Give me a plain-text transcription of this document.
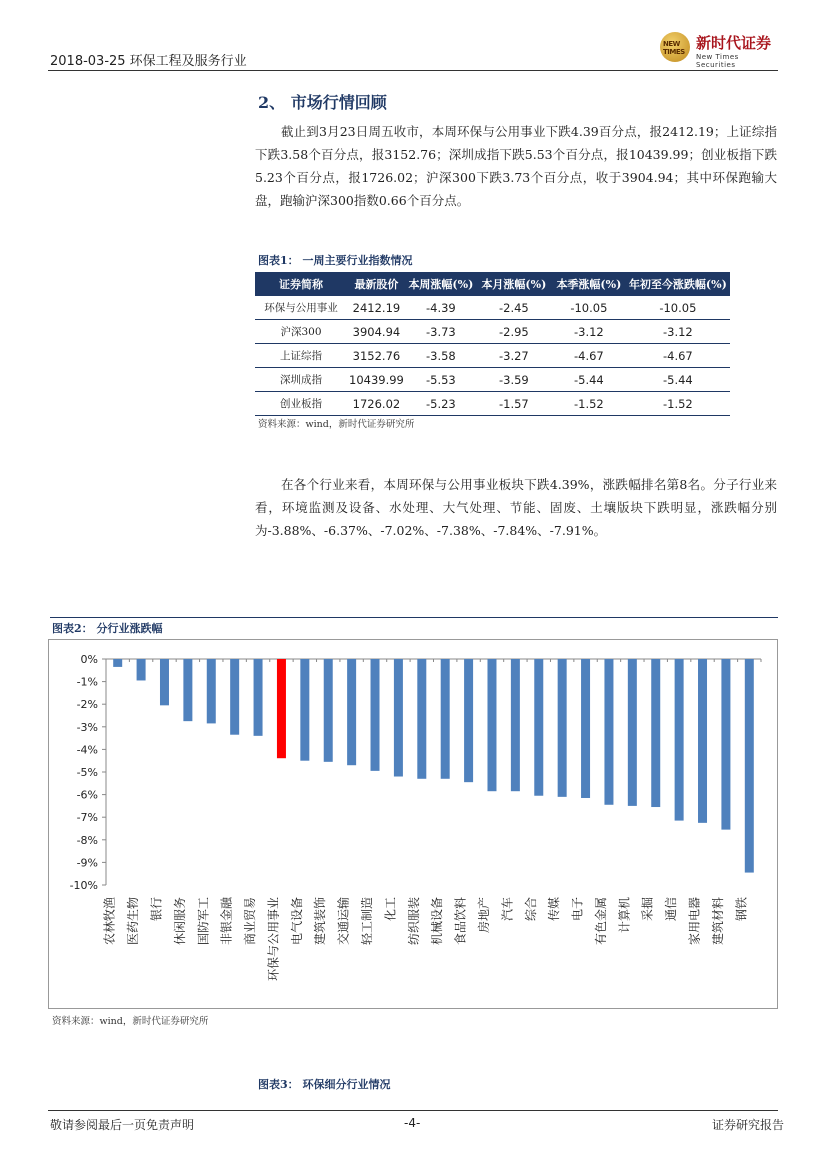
2018-03-25 环保工程及服务行业
NEW TIMES 新时代证券
New Times Securities
2、 市场行情回顾
截止到3月23日周五收市，本周环保与公用事业下跌4.39百分点，报2412.19；上证综指下跌3.58个百分点，报3152.76；深圳成指下跌5.53个百分点，报10439.99；创业板指下跌5.23个百分点，报1726.02；沪深300下跌3.73个百分点，收于3904.94；其中环保跑输大盘，跑输沪深300指数0.66个百分点。
图表1： 一周主要行业指数情况
证券简称	最新股价	本周涨幅(%)	本月涨幅(%)	本季涨幅(%)	年初至今涨跌幅(%)
环保与公用事业	2412.19	-4.39	-2.45	-10.05	-10.05
沪深300	3904.94	-3.73	-2.95	-3.12	-3.12
上证综指	3152.76	-3.58	-3.27	-4.67	-4.67
深圳成指	10439.99	-5.53	-3.59	-5.44	-5.44
创业板指	1726.02	-5.23	-1.57	-1.52	-1.52
资料来源：wind，新时代证券研究所
在各个行业来看，本周环保与公用事业板块下跌4.39%，涨跌幅排名第8名。分子行业来看，环境监测及设备、水处理、大气处理、节能、固废、土壤版块下跌明显，涨跌幅分别为-3.88%、-6.37%、-7.02%、-7.38%、-7.84%、-7.91%。
图表2： 分行业涨跌幅
0%
-1%
-2%
-3%
-4%
-5%
-6%
-7%
-8%
-9%
-10%
农林牧渔 医药生物 银行 休闲服务 国防军工 非银金融 商业贸易 环保与公用事业 电气设备 建筑装饰 交通运输 轻工制造 化工 纺织服装 机械设备 食品饮料 房地产 汽车 综合 传媒 电子 有色金属 计算机 采掘 通信 家用电器 建筑材料 钢铁
资料来源：wind，新时代证券研究所
图表3： 环保细分行业情况
敬请参阅最后一页免责声明	-4-	证券研究报告
